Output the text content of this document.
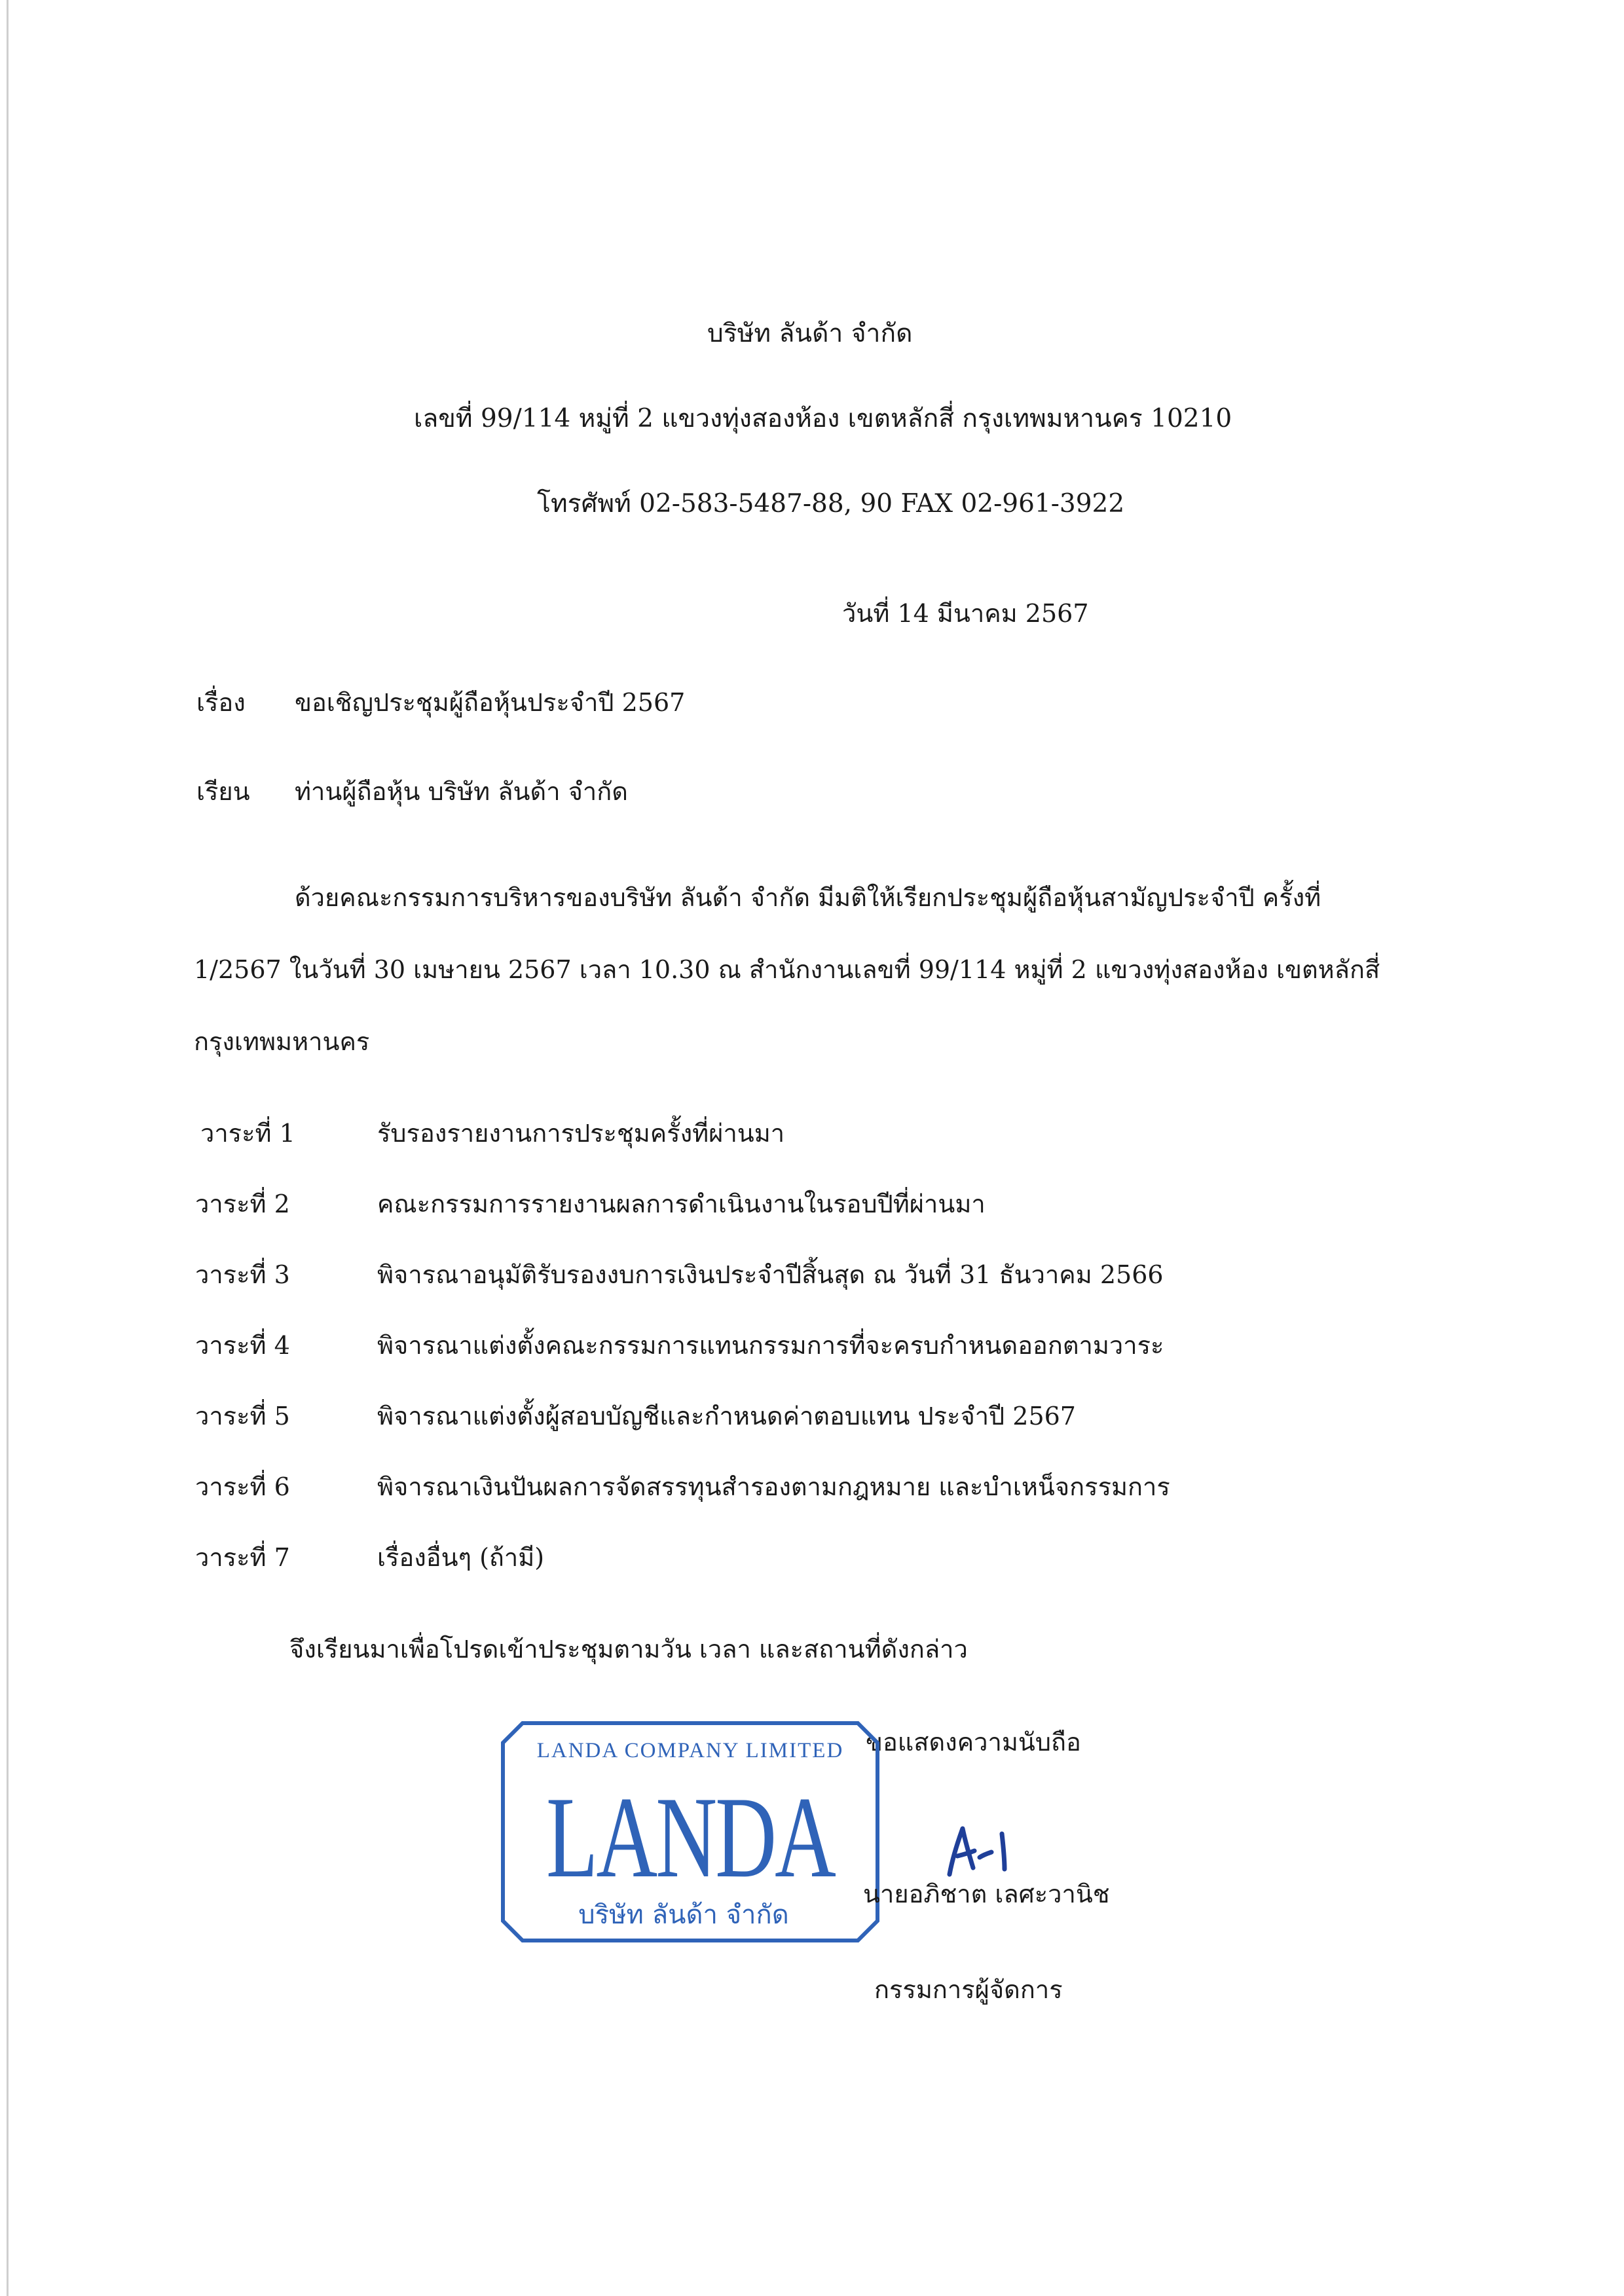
บริษัท ลันด้า จำกัด
เลขที่ 99/114 หมู่ที่ 2 แขวงทุ่งสองห้อง เขตหลักสี่ กรุงเทพมหานคร 10210
โทรศัพท์ 02-583-5487-88, 90 FAX 02-961-3922
วันที่ 14 มีนาคม 2567
เรื่อง ขอเชิญประชุมผู้ถือหุ้นประจำปี 2567
เรียน ท่านผู้ถือหุ้น บริษัท ลันด้า จำกัด
ด้วยคณะกรรมการบริหารของบริษัท ลันด้า จำกัด มีมติให้เรียกประชุมผู้ถือหุ้นสามัญประจำปี ครั้งที่
1/2567 ในวันที่ 30 เมษายน 2567 เวลา 10.30 ณ สำนักงานเลขที่ 99/114 หมู่ที่ 2 แขวงทุ่งสองห้อง เขตหลักสี่
กรุงเทพมหานคร
วาระที่ 1	รับรองรายงานการประชุมครั้งที่ผ่านมา
วาระที่ 2	คณะกรรมการรายงานผลการดำเนินงานในรอบปีที่ผ่านมา
วาระที่ 3	พิจารณาอนุมัติรับรองงบการเงินประจำปีสิ้นสุด ณ วันที่ 31 ธันวาคม 2566
วาระที่ 4	พิจารณาแต่งตั้งคณะกรรมการแทนกรรมการที่จะครบกำหนดออกตามวาระ
วาระที่ 5	พิจารณาแต่งตั้งผู้สอบบัญชีและกำหนดค่าตอบแทน ประจำปี 2567
วาระที่ 6	พิจารณาเงินปันผลการจัดสรรทุนสำรองตามกฎหมาย และบำเหน็จกรรมการ
วาระที่ 7	เรื่องอื่นๆ (ถ้ามี)
จึงเรียนมาเพื่อโปรดเข้าประชุมตามวัน เวลา และสถานที่ดังกล่าว
ขอแสดงความนับถือ
LANDA COMPANY LIMITED
LANDA
บริษัท ลันด้า จำกัด
นายอภิชาต เลศะวานิช
กรรมการผู้จัดการ
